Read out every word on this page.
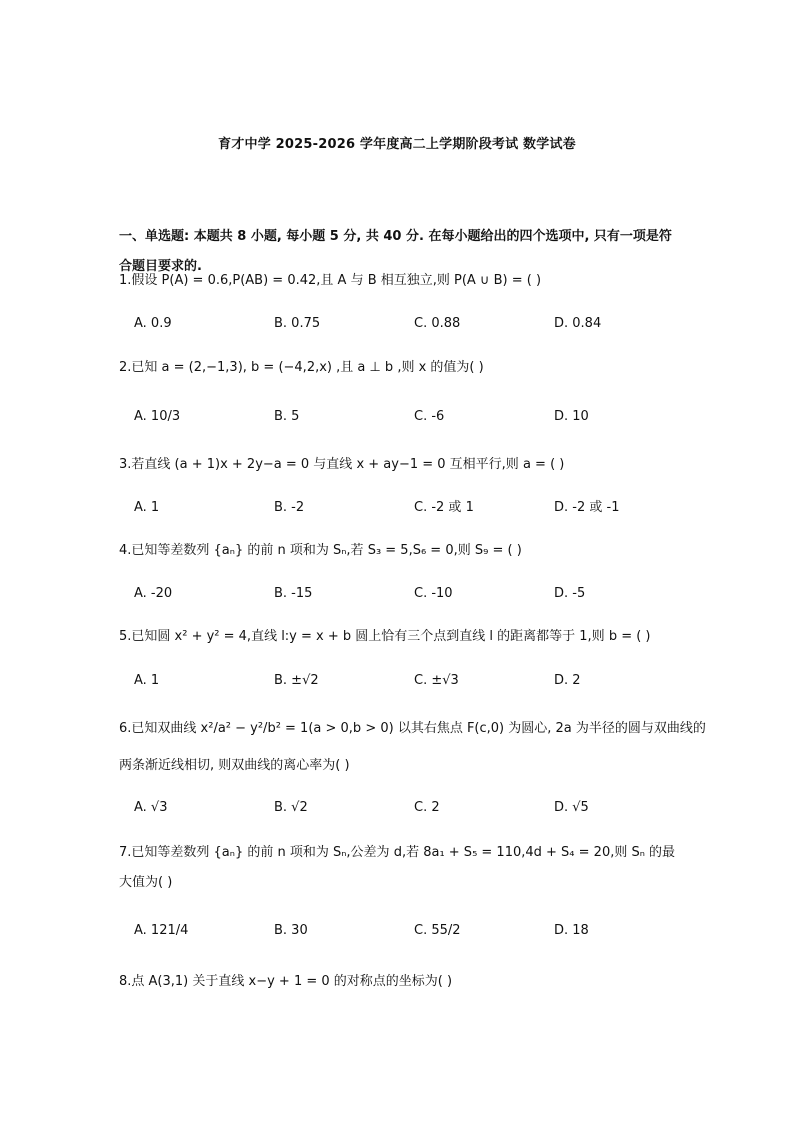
育才中学 2025-2026 学年度高二上学期阶段考试 数学试卷
一、单选题: 本题共 8 小题, 每小题 5 分, 共 40 分. 在每小题给出的四个选项中, 只有一项是符合题目要求的.
1.假设 P(A) = 0.6,P(AB) = 0.42,且 A 与 B 相互独立,则 P(A ∪ B) = ( )
A. 0.9	B. 0.75	C. 0.88	D. 0.84
2.已知 a = (2,−1,3), b = (−4,2,x) ,且 a ⊥ b ,则 x 的值为( )
A. 10/3	B. 5	C. -6	D. 10
3.若直线 (a + 1)x + 2y−a = 0 与直线 x + ay−1 = 0 互相平行,则 a = ( )
A. 1	B. -2	C. -2 或 1	D. -2 或 -1
4.已知等差数列 {aₙ} 的前 n 项和为 Sₙ,若 S₃ = 5,S₆ = 0,则 S₉ = ( )
A. -20	B. -15	C. -10	D. -5
5.已知圆 x² + y² = 4,直线 l:y = x + b 圆上恰有三个点到直线 l 的距离都等于 1,则 b = ( )
A. 1	B. ±√2	C. ±√3	D. 2
6.已知双曲线 x²/a² − y²/b² = 1(a > 0,b > 0) 以其右焦点 F(c,0) 为圆心, 2a 为半径的圆与双曲线的
两条渐近线相切, 则双曲线的离心率为( )
A. √3	B. √2	C. 2	D. √5
7.已知等差数列 {aₙ} 的前 n 项和为 Sₙ,公差为 d,若 8a₁ + S₅ = 110,4d + S₄ = 20,则 Sₙ 的最
大值为( )
A. 121/4	B. 30	C. 55/2	D. 18
8.点 A(3,1) 关于直线 x−y + 1 = 0 的对称点的坐标为( )
